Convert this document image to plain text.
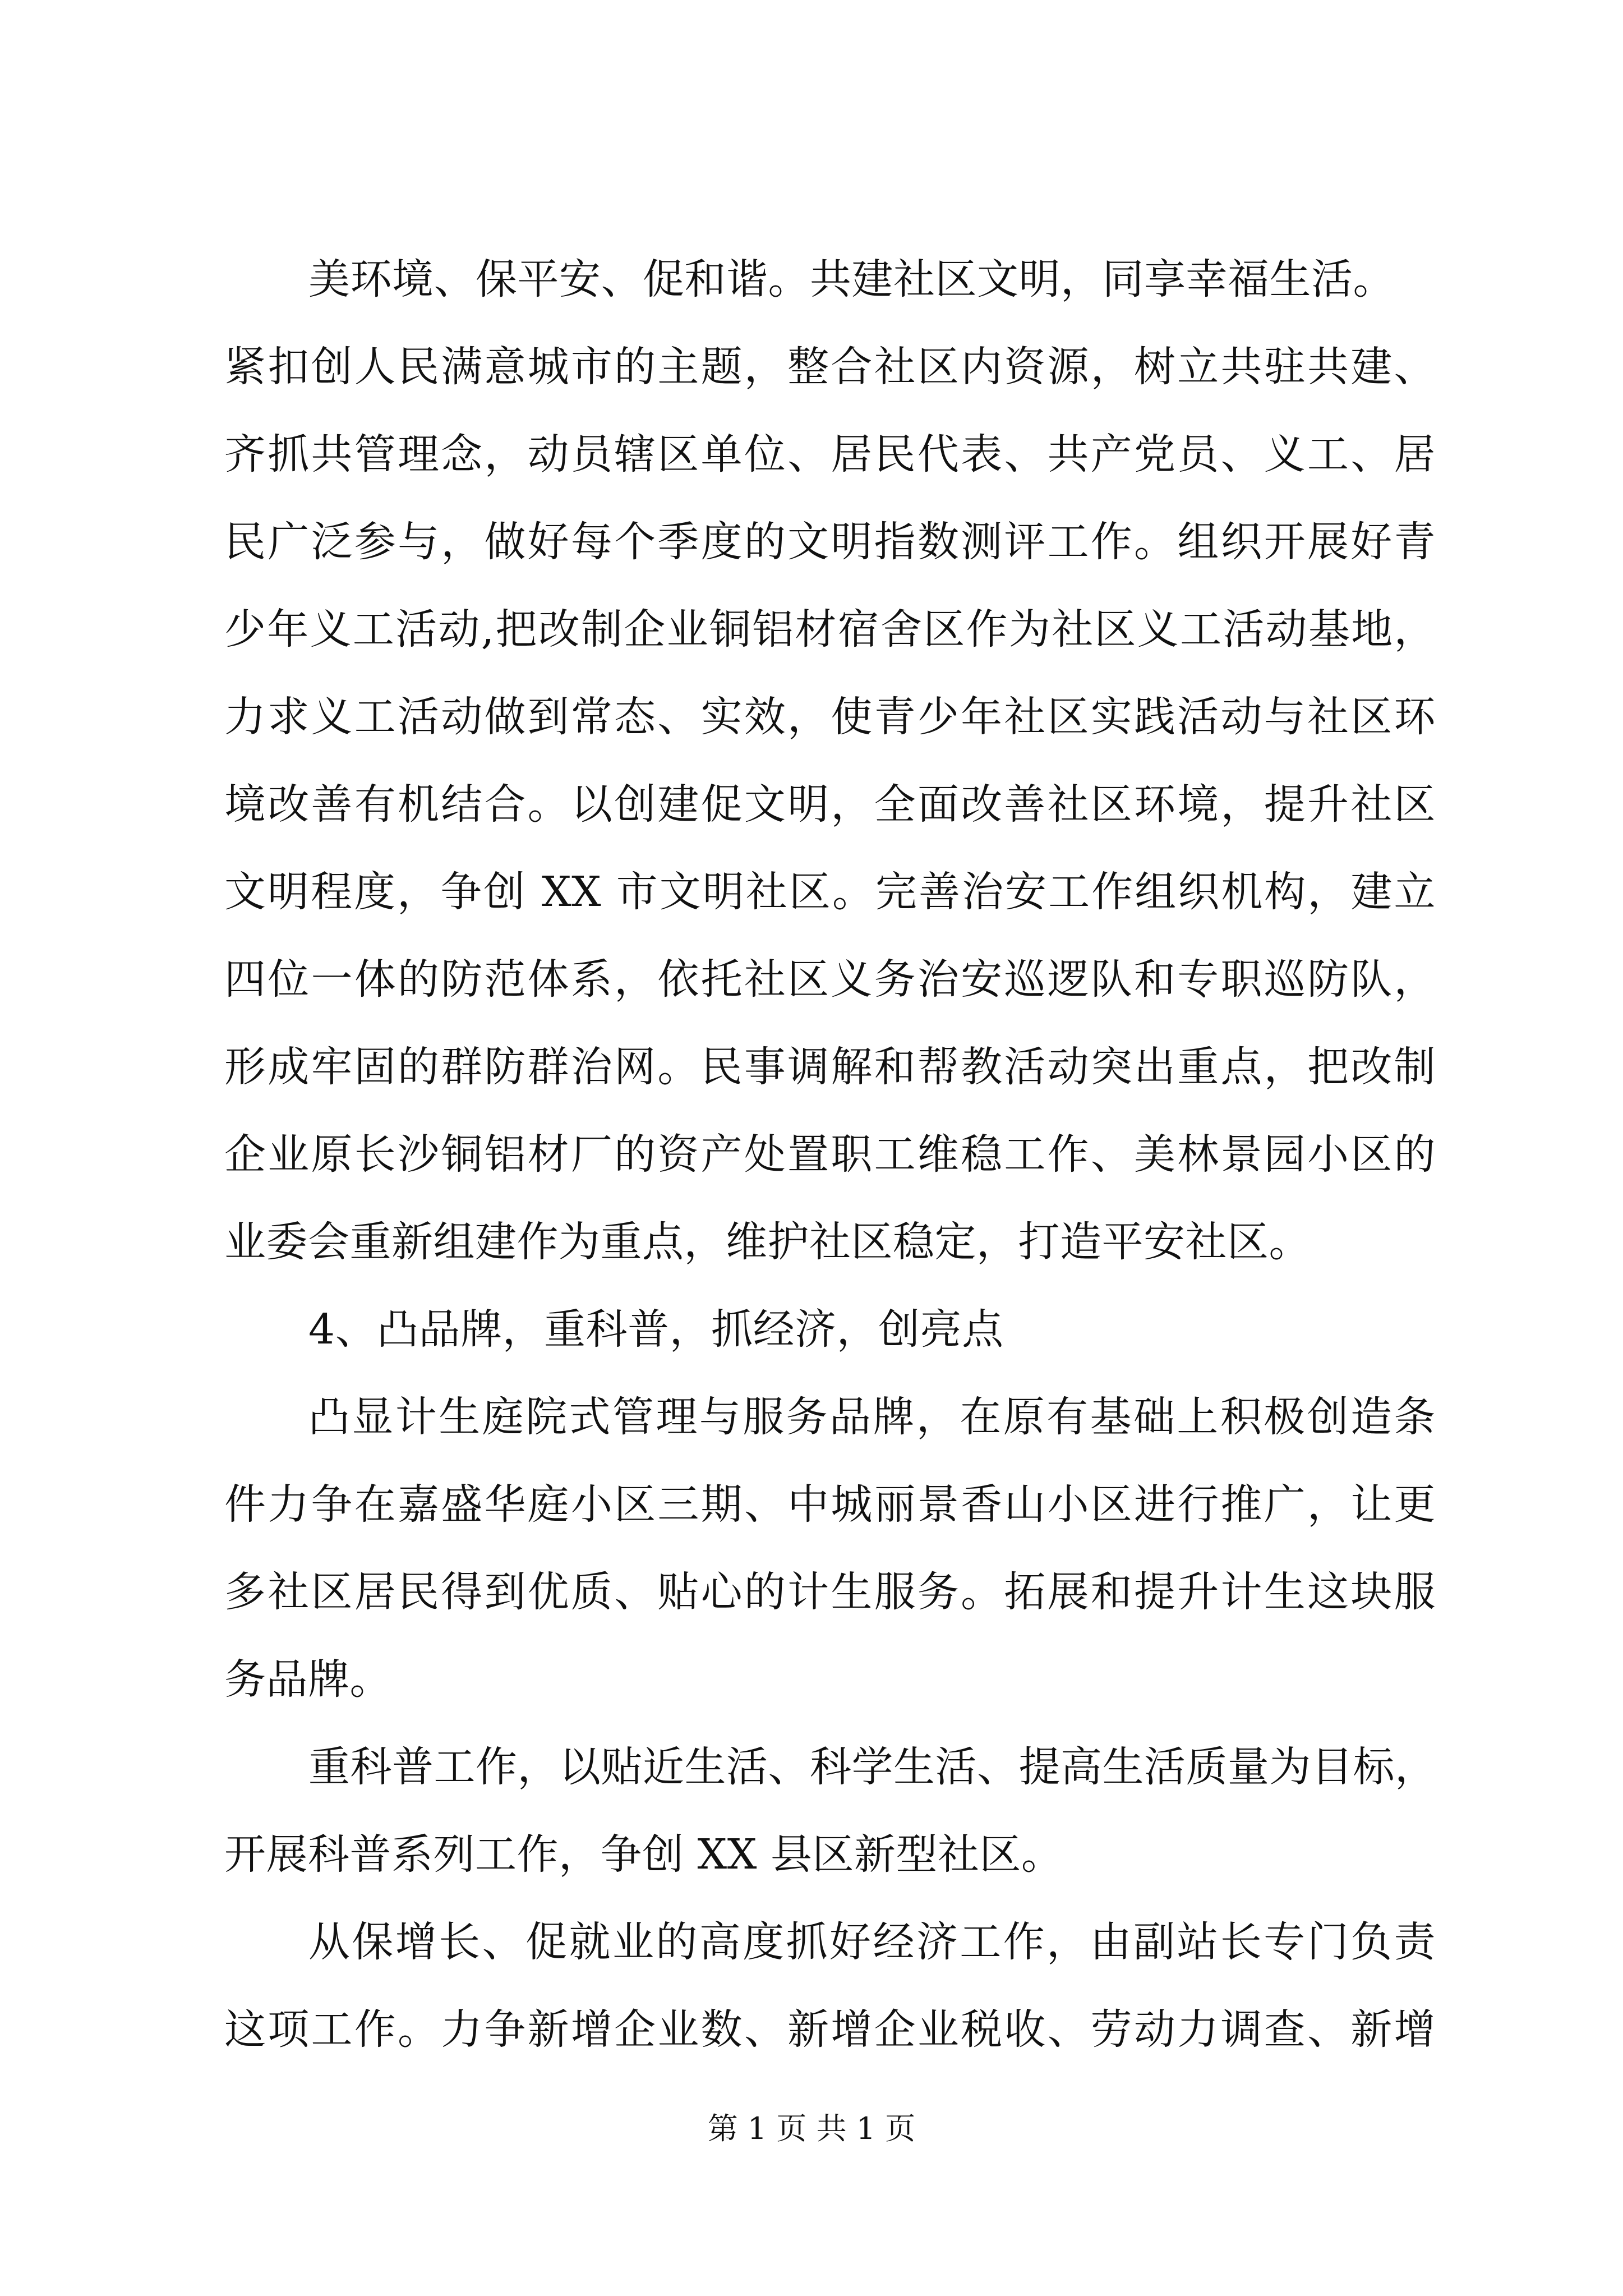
美环境、保平安、促和谐。共建社区文明，同享幸福生活。
紧扣创人民满意城市的主题，整合社区内资源，树立共驻共建、
齐抓共管理念，动员辖区单位、居民代表、共产党员、义工、居
民广泛参与，做好每个季度的文明指数测评工作。组织开展好青
少年义工活动,把改制企业铜铝材宿舍区作为社区义工活动基地，
力求义工活动做到常态、实效，使青少年社区实践活动与社区环
境改善有机结合。以创建促文明，全面改善社区环境，提升社区
文明程度，争创 XX 市文明社区。完善治安工作组织机构，建立
四位一体的防范体系，依托社区义务治安巡逻队和专职巡防队，
形成牢固的群防群治网。民事调解和帮教活动突出重点，把改制
企业原长沙铜铝材厂的资产处置职工维稳工作、美林景园小区的
业委会重新组建作为重点，维护社区稳定，打造平安社区。
4、凸品牌，重科普，抓经济，创亮点
凸显计生庭院式管理与服务品牌，在原有基础上积极创造条
件力争在嘉盛华庭小区三期、中城丽景香山小区进行推广，让更
多社区居民得到优质、贴心的计生服务。拓展和提升计生这块服
务品牌。
重科普工作，以贴近生活、科学生活、提高生活质量为目标，
开展科普系列工作，争创 XX 县区新型社区。
从保增长、促就业的高度抓好经济工作，由副站长专门负责
这项工作。力争新增企业数、新增企业税收、劳动力调查、新增
第 1 页 共 1 页
